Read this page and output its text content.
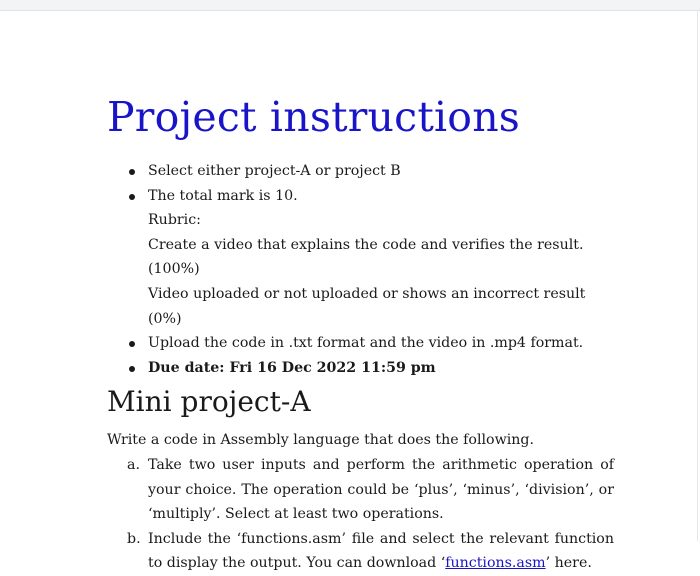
Project instructions
Select either project-A or project B
The total mark is 10.
Rubric:
Create a video that explains the code and verifies the result. (100%)
Video uploaded or not uploaded or shows an incorrect result (0%)
Upload the code in .txt format and the video in .mp4 format.
Due date: Fri 16 Dec 2022 11:59 pm
Mini project-A

Write a code in Assembly language that does the following.

a. Take two user inputs and perform the arithmetic operation of your choice. The operation could be ‘plus’, ‘minus’, ‘division’, or ‘multiply’. Select at least two operations.
b. Include the ‘functions.asm’ file and select the relevant function to display the output. You can download ‘functions.asm’ here.
